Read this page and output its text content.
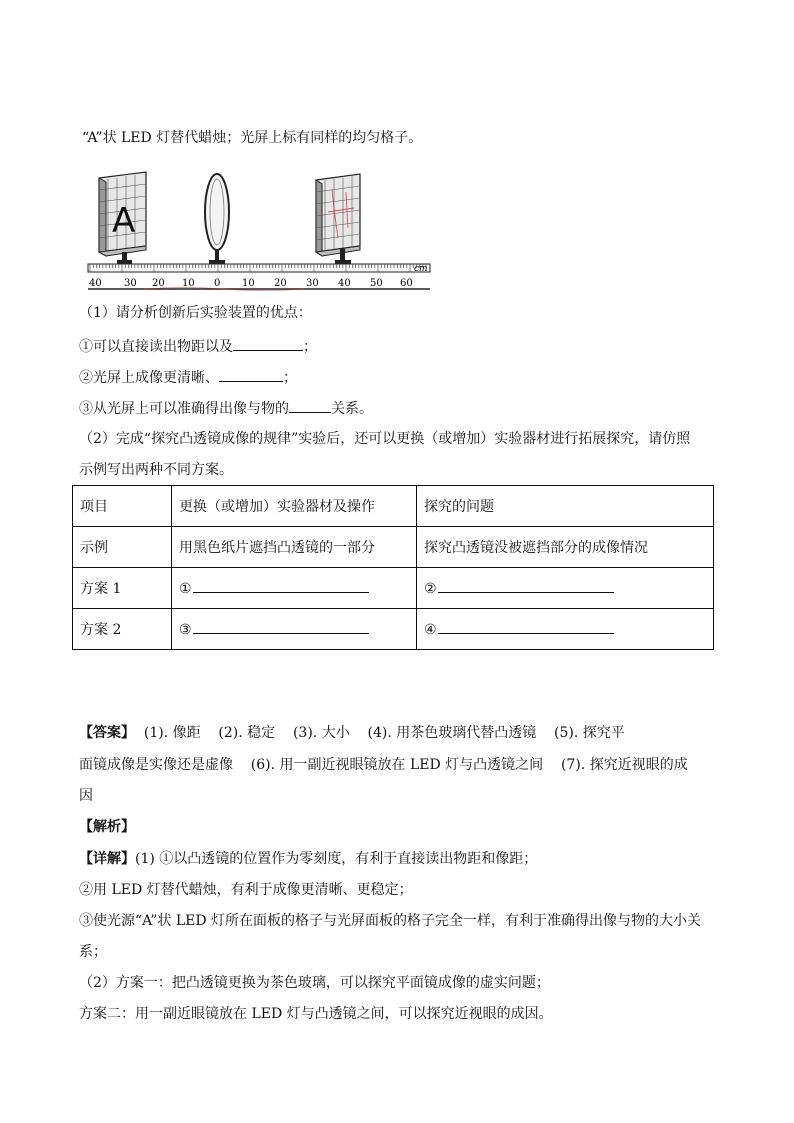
“A”状 LED 灯替代蜡烛；光屏上标有同样的均匀格子。
A
40 30 20 10 0 10 20 30 40 50 60
cm
（1）请分析创新后实验装置的优点：
①可以直接读出物距以及	；
②光屏上成像更清晰、	；
③从光屏上可以准确得出像与物的	关系。
（2）完成“探究凸透镜成像的规律”实验后，还可以更换（或增加）实验器材进行拓展探究，请仿照
示例写出两种不同方案。
项目	更换（或增加）实验器材及操作	探究的问题
示例	用黑色纸片遮挡凸透镜的一部分	探究凸透镜没被遮挡部分的成像情况
方案 1	①	②
方案 2	③	④
【答案】  (1). 像距    (2). 稳定    (3). 大小    (4). 用茶色玻璃代替凸透镜    (5). 探究平
面镜成像是实像还是虚像    (6). 用一副近视眼镜放在 LED 灯与凸透镜之间    (7). 探究近视眼的成
因
【解析】
【详解】(1) ①以凸透镜的位置作为零刻度，有利于直接读出物距和像距；
②用 LED 灯替代蜡烛，有利于成像更清晰、更稳定；
③使光源“A”状 LED 灯所在面板的格子与光屏面板的格子完全一样，有利于准确得出像与物的大小关
系；
（2）方案一：把凸透镜更换为茶色玻璃，可以探究平面镜成像的虚实问题；
方案二：用一副近眼镜放在 LED 灯与凸透镜之间，可以探究近视眼的成因。
